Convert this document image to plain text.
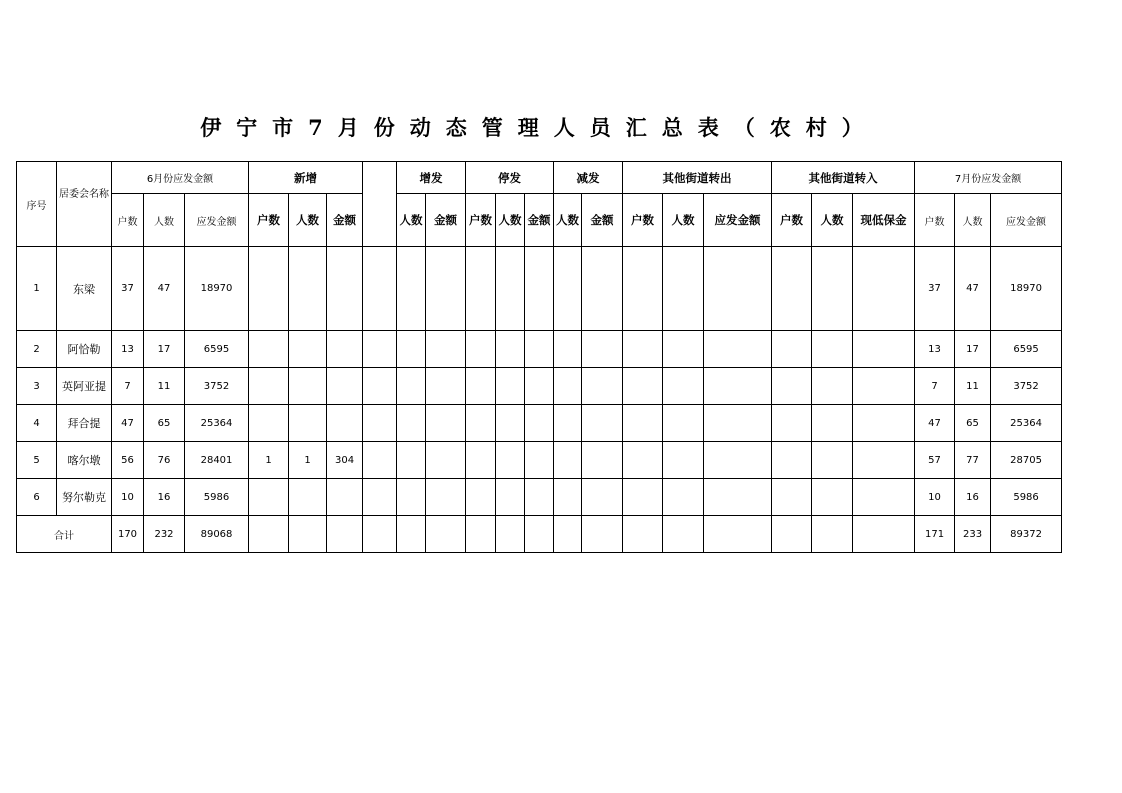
伊宁市7月份动态管理人员汇总表（农村）
序号	居委会名称	6月份应发金额			新增				增发		停发			减发		其他街道转出			其他街道转入			7月份应发金额		
		户数	人数	应发金额	户数	人数	金额		人数	金额	户数	人数	金额	人数	金额	户数	人数	应发金额	户数	人数	现低保金	户数	人数	应发金额
1	东梁	37	47	18970																		37	47	18970
2	阿恰勒	13	17	6595																		13	17	6595
3	英阿亚提	7	11	3752																		7	11	3752
4	拜合提	47	65	25364																		47	65	25364
5	喀尔墩	56	76	28401	1	1	304															57	77	28705
6	努尔勒克	10	16	5986																		10	16	5986
合计		170	232	89068																		171	233	89372
